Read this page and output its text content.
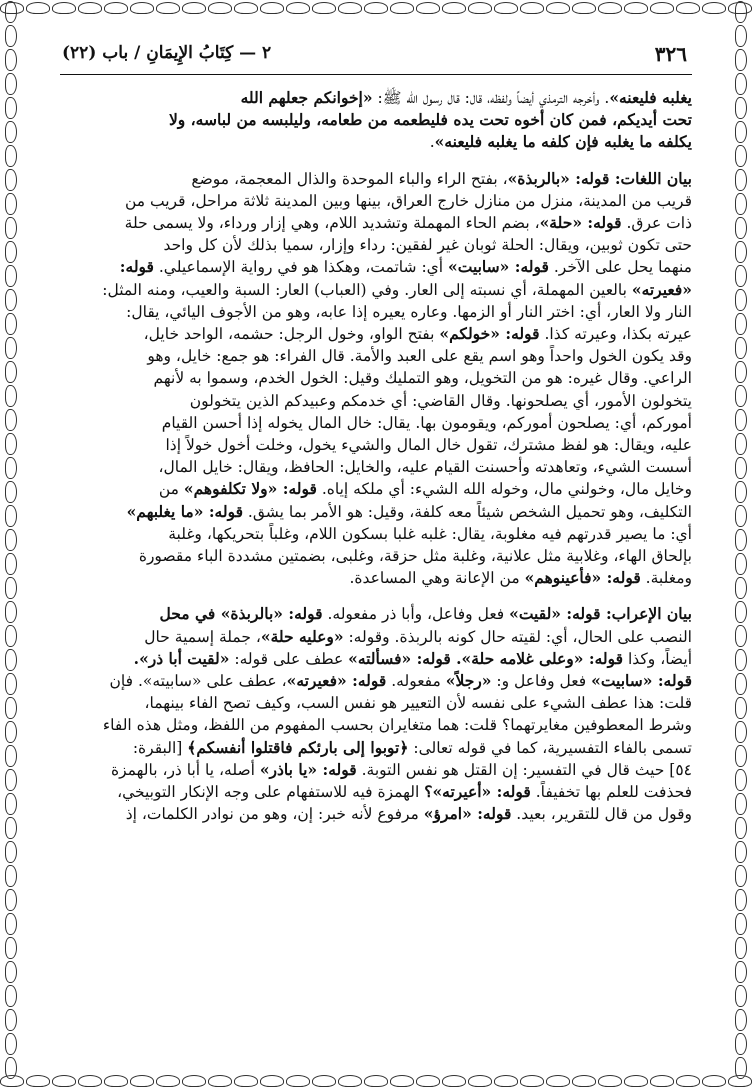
٣٢٦
٢ — كِتَابُ الإِيمَانِ / باب (٢٢)
يغلبه فليعنه». وأخرجه الترمذي أيضاً ولفظه، قال: قال رسول الله ﷺ: «إخوانكم جعلهم الله
تحت أيديكم، فمن كان أخوه تحت يده فليطعمه من طعامه، وليلبسه من لباسه، ولا
يكلفه ما يغلبه فإن كلفه ما يغلبه فليعنه».
بيان اللغات: قوله: «بالربذة»، بفتح الراء والباء الموحدة والذال المعجمة، موضع
قريب من المدينة، منزل من منازل خارج العراق، بينها وبين المدينة ثلاثة مراحل، قريب من
ذات عرق. قوله: «حلة»، بضم الحاء المهملة وتشديد اللام، وهي إزار ورداء، ولا يسمى حلة
حتى تكون ثوبين، ويقال: الحلة ثوبان غير لفقين: رداء وإزار، سميا بذلك لأن كل واحد
منهما يحل على الآخر. قوله: «سابيت» أي: شاتمت، وهكذا هو في رواية الإسماعيلي. قوله:
«فعيرته» بالعين المهملة، أي نسبته إلى العار. وفي (العباب) العار: السبة والعيب، ومنه المثل:
النار ولا العار، أي: اختر النار أو الزمها. وعاره يعيره إذا عابه، وهو من الأجوف اليائي، يقال:
عيرته بكذا، وعيرته كذا. قوله: «خولكم» بفتح الواو، وخول الرجل: حشمه، الواحد خايل،
وقد يكون الخول واحداً وهو اسم يقع على العبد والأمة. قال الفراء: هو جمع: خايل، وهو
الراعي. وقال غيره: هو من التخويل، وهو التمليك وقيل: الخول الخدم، وسموا به لأنهم
يتخولون الأمور، أي يصلحونها. وقال القاضي: أي خدمكم وعبيدكم الذين يتخولون
أموركم، أي: يصلحون أموركم، ويقومون بها. يقال: خال المال يخوله إذا أحسن القيام
عليه، ويقال: هو لفظ مشترك، تقول خال المال والشيء يخول، وخلت أخول خولاً إذا
أسست الشيء، وتعاهدته وأحسنت القيام عليه، والخايل: الحافظ، ويقال: خايل المال،
وخايل مال، وخولني مال، وخوله الله الشيء: أي ملكه إياه. قوله: «ولا تكلفوهم» من
التكليف، وهو تحميل الشخص شيئاً معه كلفة، وقيل: هو الأمر بما يشق. قوله: «ما يغلبهم»
أي: ما يصير قدرتهم فيه مغلوبة، يقال: غلبه غلبا بسكون اللام، وغلباً بتحريكها، وغلبة
بإلحاق الهاء، وغلابية مثل علانية، وغلبة مثل حزقة، وغلبى، بضمتين مشددة الباء مقصورة
ومغلبة. قوله: «فأعينوهم» من الإعانة وهي المساعدة.
بيان الإعراب: قوله: «لقيت» فعل وفاعل، وأبا ذر مفعوله. قوله: «بالربذة» في محل
النصب على الحال، أي: لقيته حال كونه بالربذة. وقوله: «وعليه حلة»، جملة إسمية حال
أيضاً، وكذا قوله: «وعلى غلامه حلة». قوله: «فسألته» عطف على قوله: «لقيت أبا ذر».
قوله: «سابيت» فعل وفاعل و: «رجلاً» مفعوله. قوله: «فعيرته»، عطف على «سابيته». فإن
قلت: هذا عطف الشيء على نفسه لأن التعيير هو نفس السب، وكيف تصح الفاء بينهما،
وشرط المعطوفين مغايرتهما؟ قلت: هما متغايران بحسب المفهوم من اللفظ، ومثل هذه الفاء
تسمى بالفاء التفسيرية، كما في قوله تعالى: ﴿توبوا إلى بارئكم فاقتلوا أنفسكم﴾ [البقرة:
٥٤] حيث قال في التفسير: إن القتل هو نفس التوبة. قوله: «يا باذر» أصله، يا أبا ذر، بالهمزة
فحذفت للعلم بها تخفيفاً. قوله: «أعيرته»؟ الهمزة فيه للاستفهام على وجه الإنكار التوبيخي،
وقول من قال للتقرير، بعيد. قوله: «امرؤ» مرفوع لأنه خبر: إن، وهو من نوادر الكلمات، إذ
